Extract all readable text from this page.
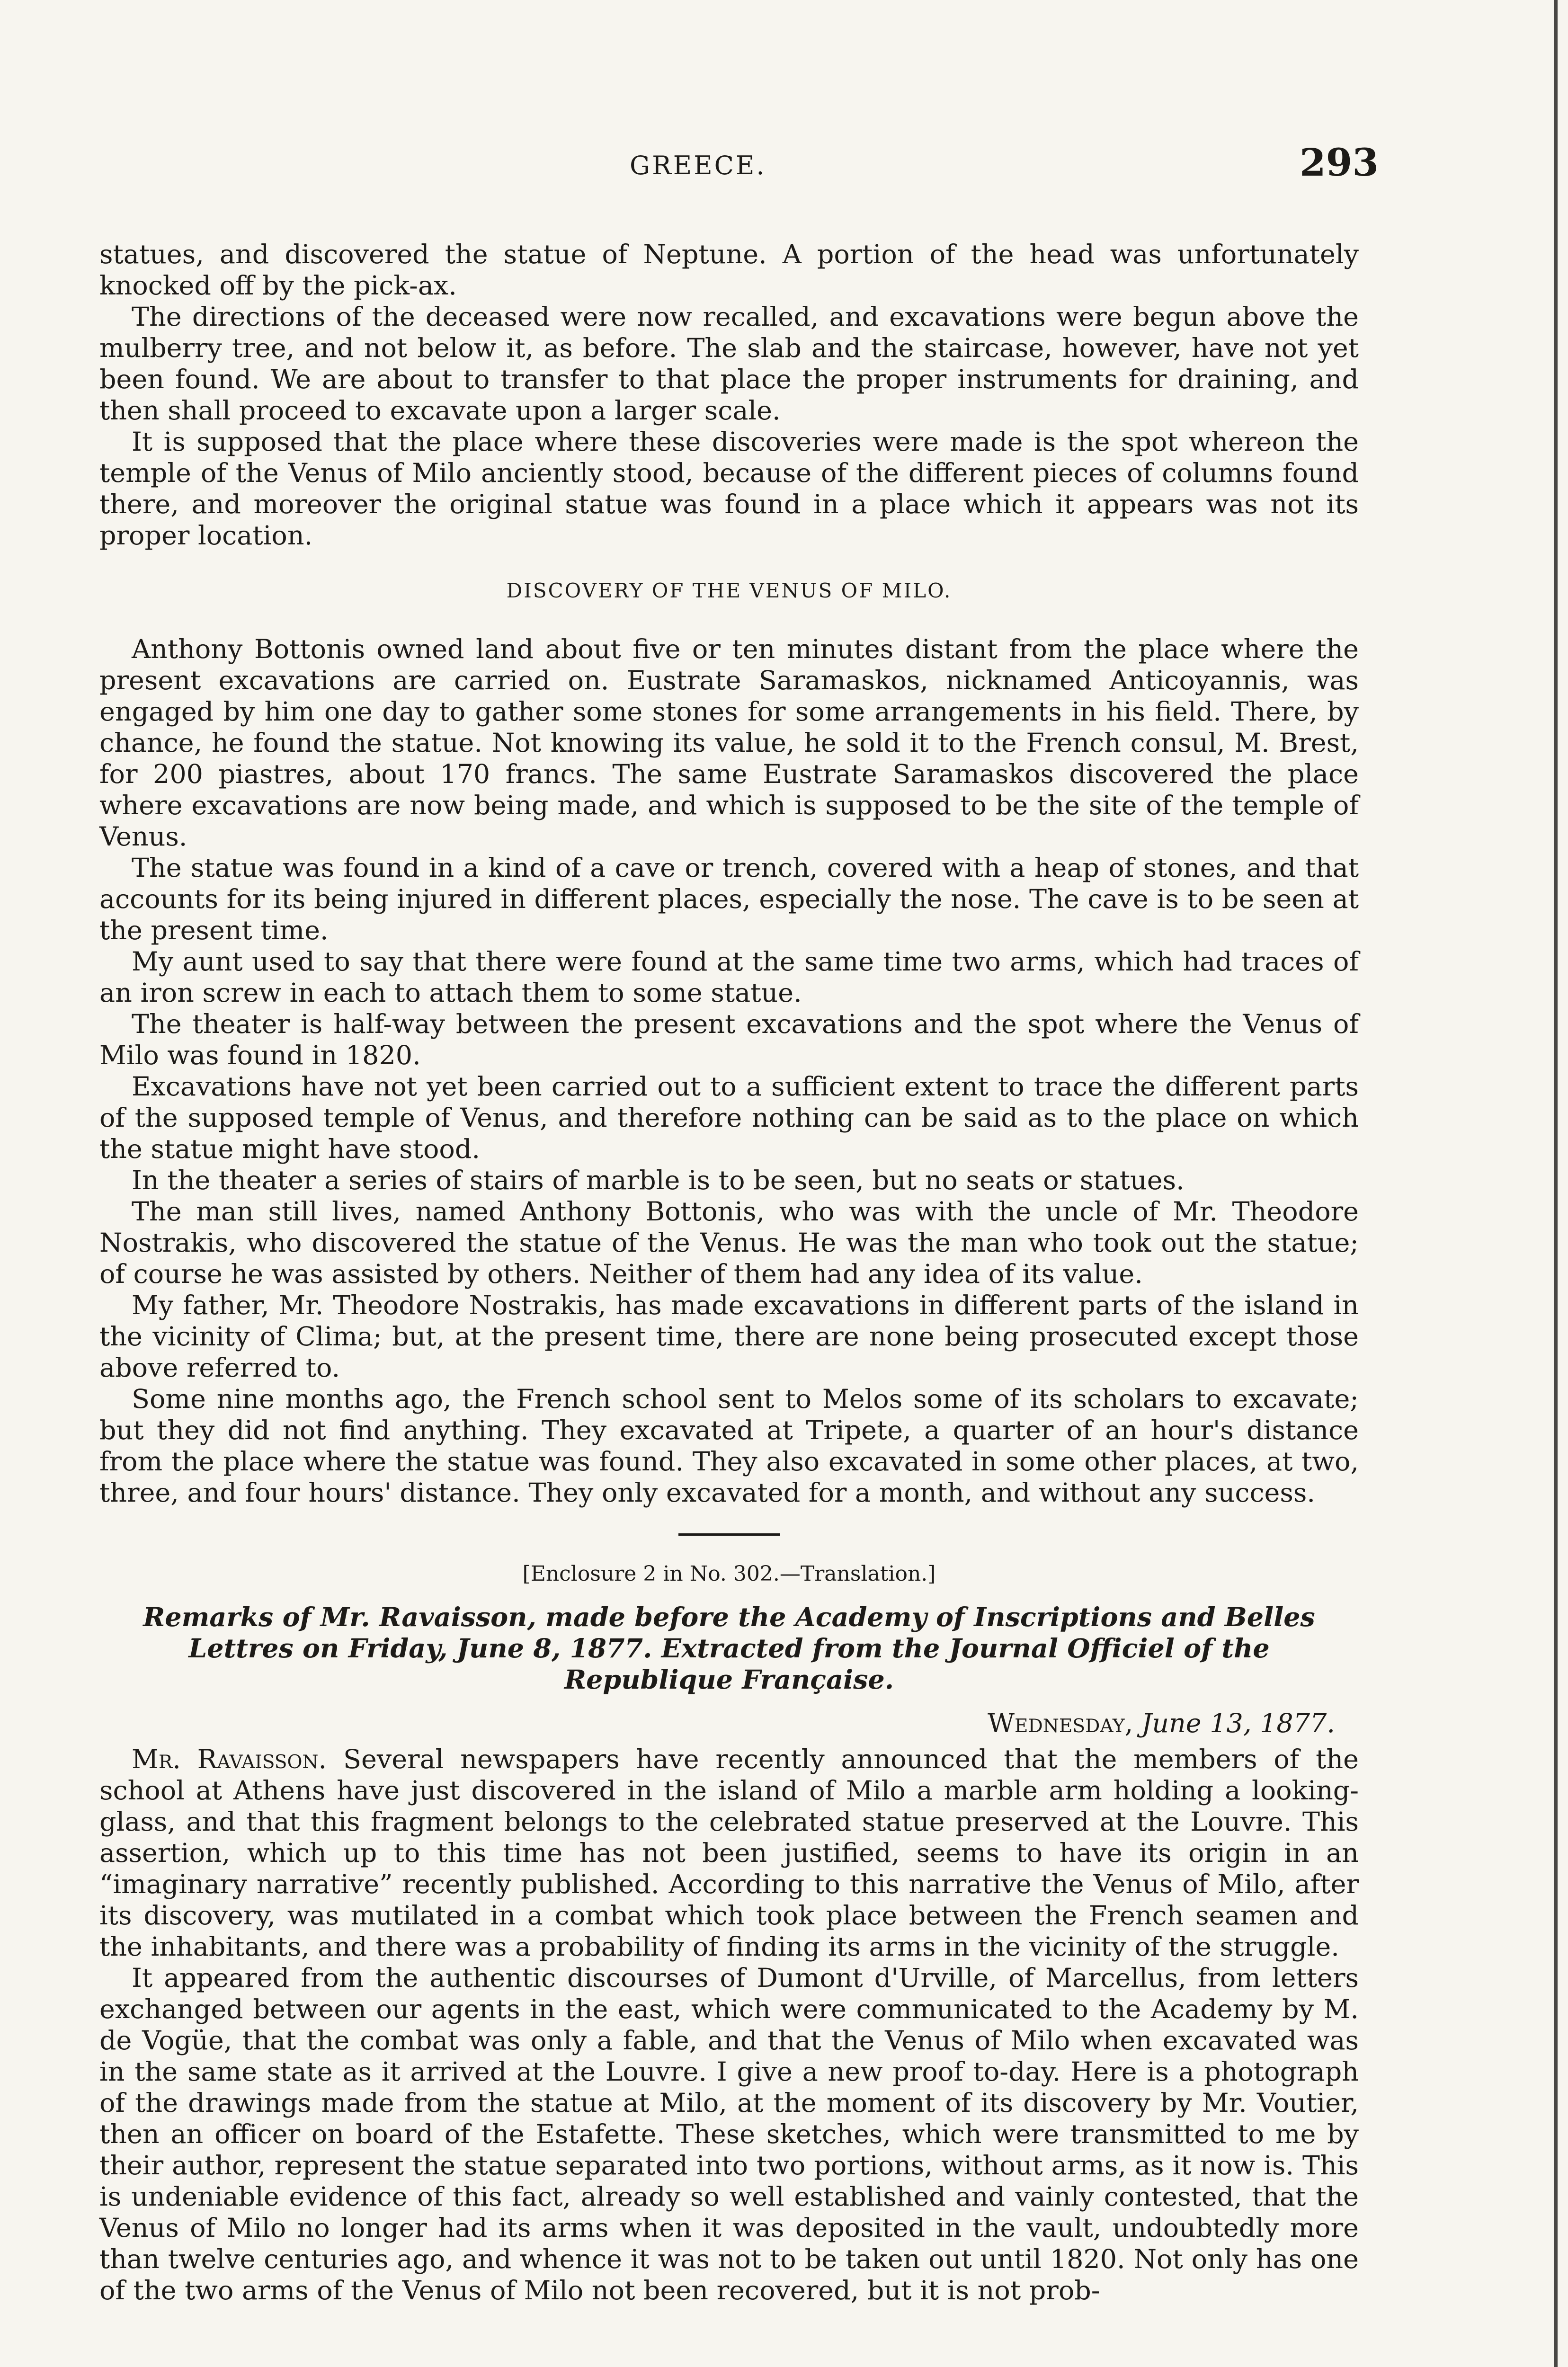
GREECE.	293

statues, and discovered the statue of Neptune. A portion of the head was unfortunately knocked off by the pick-ax.

The directions of the deceased were now recalled, and excavations were begun above the mulberry tree, and not below it, as before. The slab and the staircase, however, have not yet been found. We are about to transfer to that place the proper instruments for draining, and then shall proceed to excavate upon a larger scale.

It is supposed that the place where these discoveries were made is the spot whereon the temple of the Venus of Milo anciently stood, because of the different pieces of columns found there, and moreover the original statue was found in a place which it appears was not its proper location.

DISCOVERY OF THE VENUS OF MILO.

Anthony Bottonis owned land about five or ten minutes distant from the place where the present excavations are carried on. Eustrate Saramaskos, nicknamed Anticoyannis, was engaged by him one day to gather some stones for some arrangements in his field. There, by chance, he found the statue. Not knowing its value, he sold it to the French consul, M. Brest, for 200 piastres, about 170 francs. The same Eustrate Saramaskos discovered the place where excavations are now being made, and which is supposed to be the site of the temple of Venus.

The statue was found in a kind of a cave or trench, covered with a heap of stones, and that accounts for its being injured in different places, especially the nose. The cave is to be seen at the present time.

My aunt used to say that there were found at the same time two arms, which had traces of an iron screw in each to attach them to some statue.

The theater is half-way between the present excavations and the spot where the Venus of Milo was found in 1820.

Excavations have not yet been carried out to a sufficient extent to trace the different parts of the supposed temple of Venus, and therefore nothing can be said as to the place on which the statue might have stood.

In the theater a series of stairs of marble is to be seen, but no seats or statues.

The man still lives, named Anthony Bottonis, who was with the uncle of Mr. Theodore Nostrakis, who discovered the statue of the Venus. He was the man who took out the statue; of course he was assisted by others. Neither of them had any idea of its value.

My father, Mr. Theodore Nostrakis, has made excavations in different parts of the island in the vicinity of Clima; but, at the present time, there are none being prosecuted except those above referred to.

Some nine months ago, the French school sent to Melos some of its scholars to excavate; but they did not find anything. They excavated at Tripete, a quarter of an hour's distance from the place where the statue was found. They also excavated in some other places, at two, three, and four hours' distance. They only excavated for a month, and without any success.

[Enclosure 2 in No. 302.—Translation.]

Remarks of Mr. Ravaisson, made before the Academy of Inscriptions and Belles Lettres on Friday, June 8, 1877. Extracted from the Journal Officiel of the Republique Française.

Wednesday, June 13, 1877.

Mr. Ravaisson. Several newspapers have recently announced that the members of the school at Athens have just discovered in the island of Milo a marble arm holding a looking-glass, and that this fragment belongs to the celebrated statue preserved at the Louvre. This assertion, which up to this time has not been justified, seems to have its origin in an “imaginary narrative” recently published. According to this narrative the Venus of Milo, after its discovery, was mutilated in a combat which took place between the French seamen and the inhabitants, and there was a probability of finding its arms in the vicinity of the struggle.

It appeared from the authentic discourses of Dumont d'Urville, of Marcellus, from letters exchanged between our agents in the east, which were communicated to the Academy by M. de Vogüe, that the combat was only a fable, and that the Venus of Milo when excavated was in the same state as it arrived at the Louvre. I give a new proof to-day. Here is a photograph of the drawings made from the statue at Milo, at the moment of its discovery by Mr. Voutier, then an officer on board of the Estafette. These sketches, which were transmitted to me by their author, represent the statue separated into two portions, without arms, as it now is. This is undeniable evidence of this fact, already so well established and vainly contested, that the Venus of Milo no longer had its arms when it was deposited in the vault, undoubtedly more than twelve centuries ago, and whence it was not to be taken out until 1820. Not only has one of the two arms of the Venus of Milo not been recovered, but it is not prob-
